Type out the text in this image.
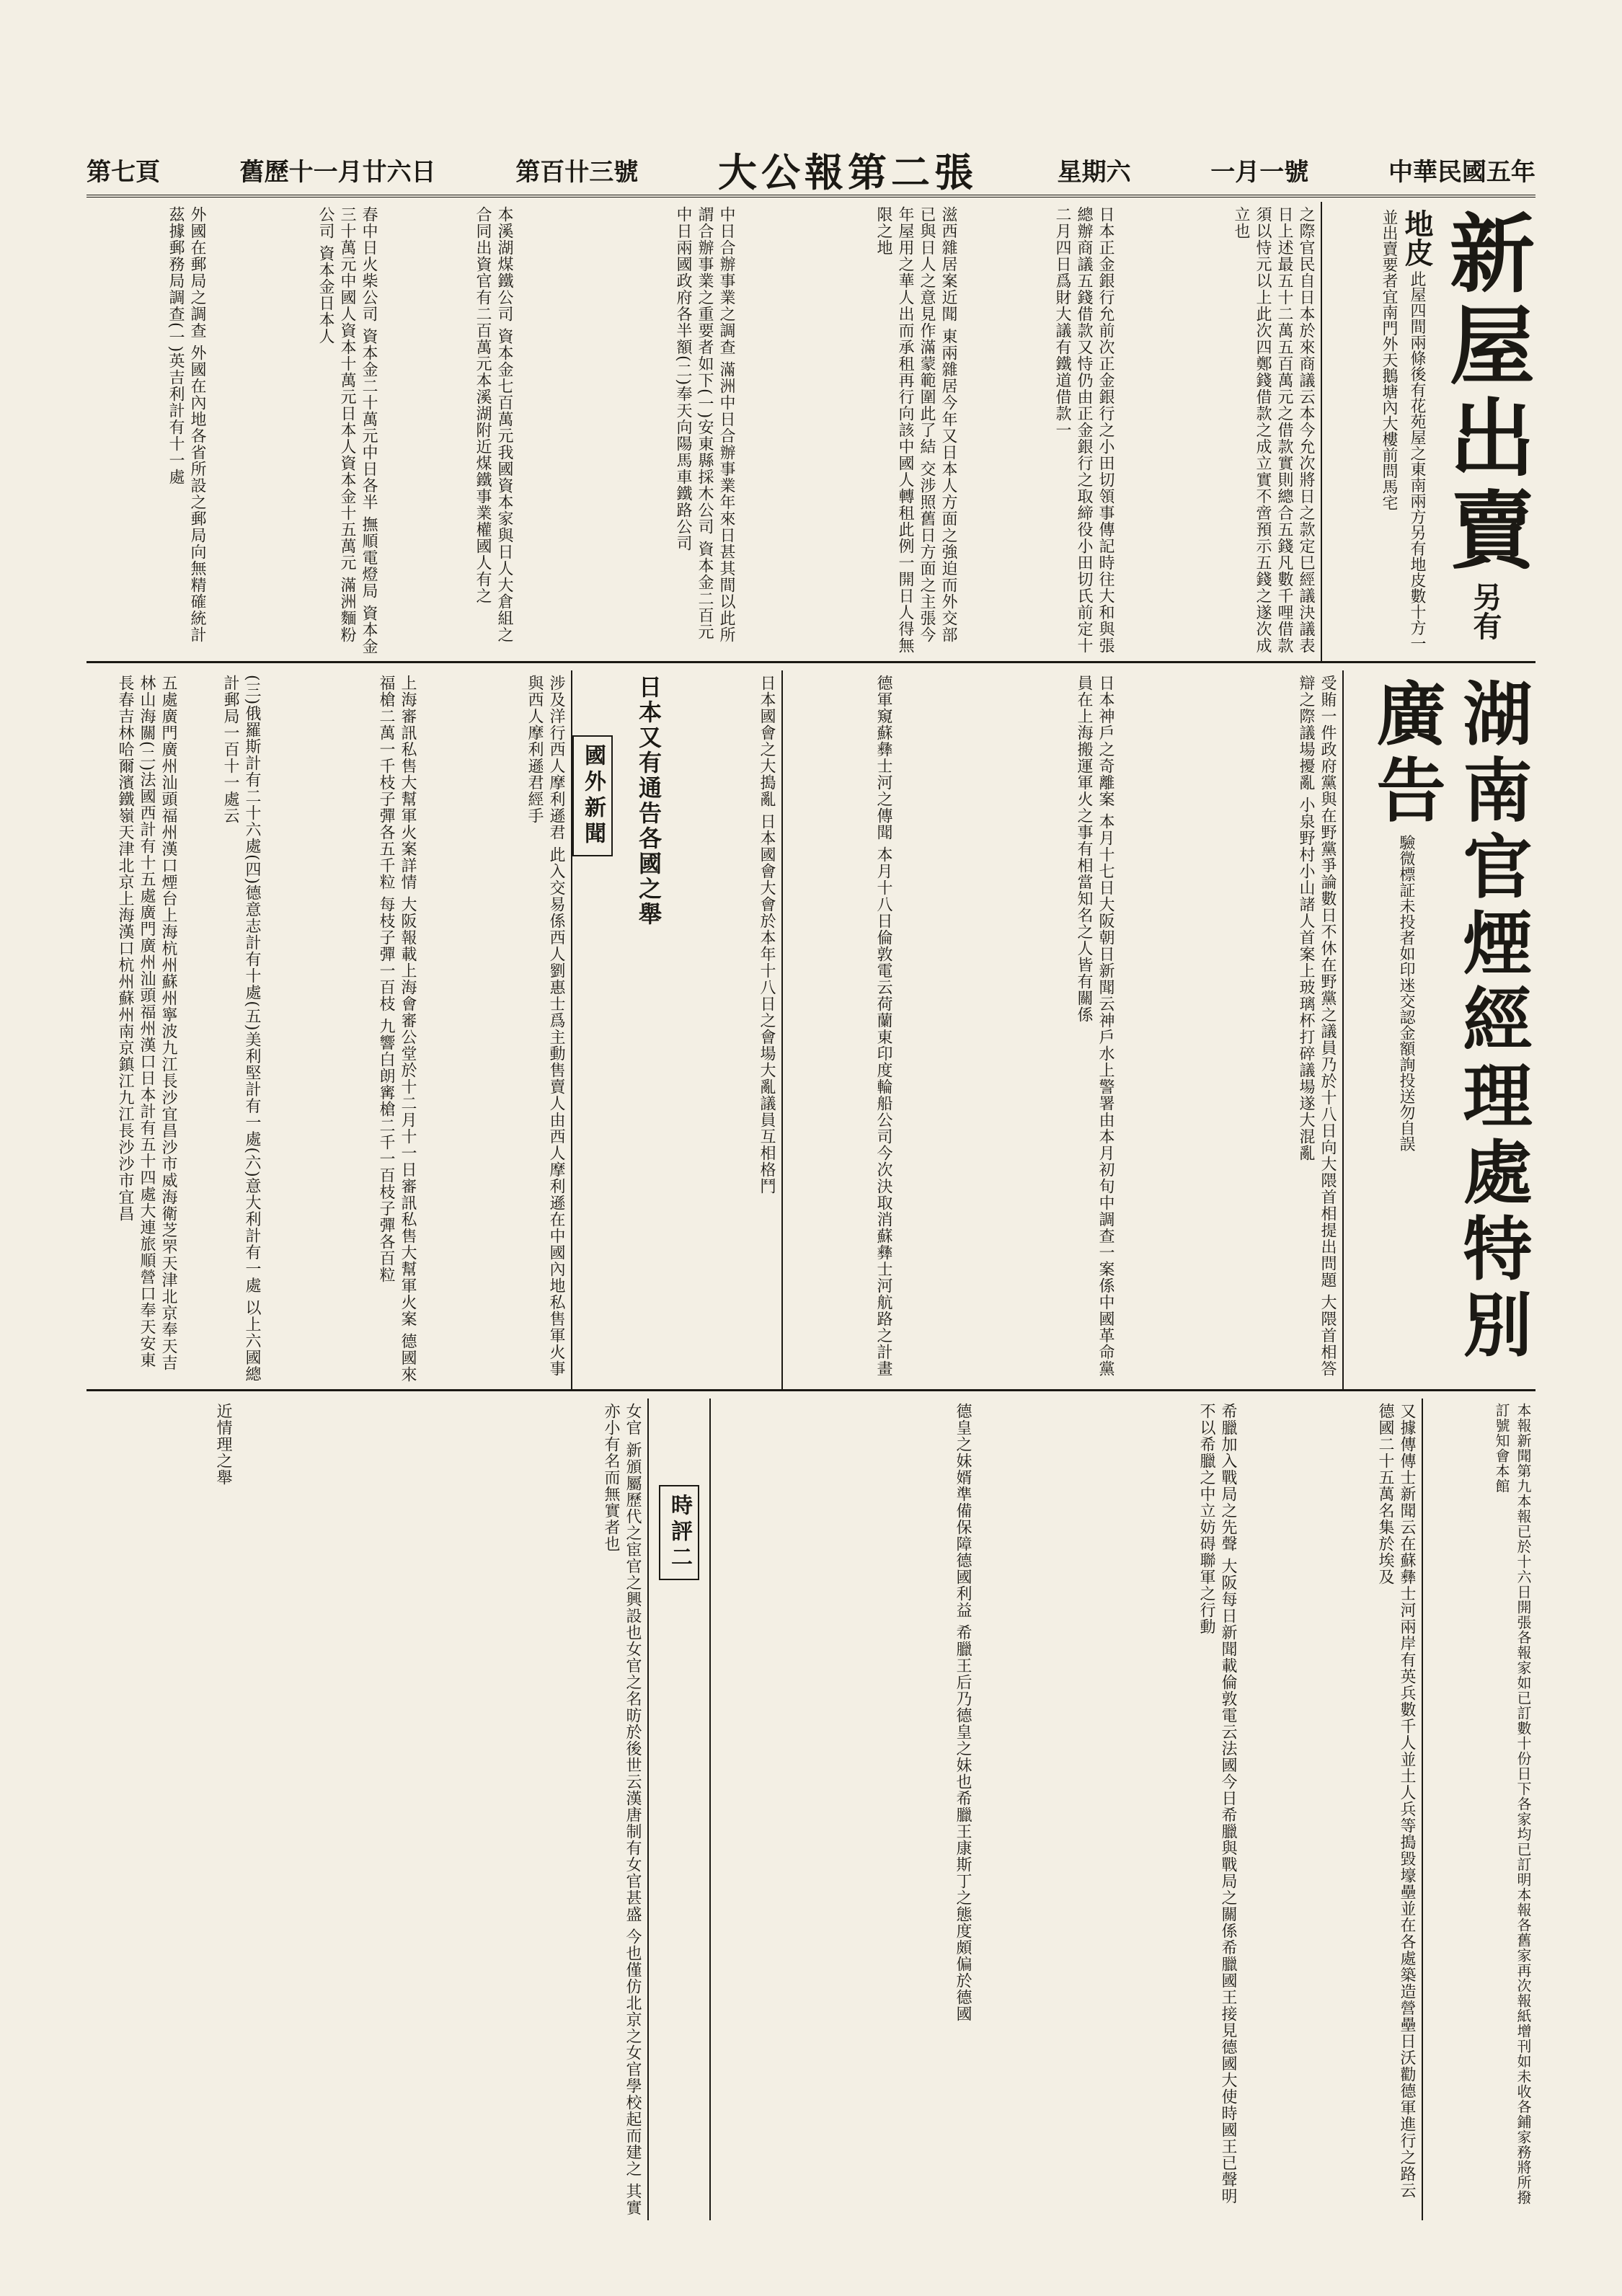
中華民國五年
一月一號
星期六
大公報第二張
第百卄三號
舊歷十一月廿六日
第七頁
新屋出賣 另有地皮 此屋四間兩條後有花苑屋之東南兩方另有地皮數十方一並出賣要者宜南門外天鵝塘內大樓前問馬宅
之際官民自日本於來商議云本今允次將日之款定巳經議決議表日上述最五十二萬五百萬元之借款實則總合五錢凡數千哩借款須以恃元以上此次四鄭錢借款之成立實不啻預示五錢之遂次成立也
日本正金銀行允前次正金銀行之小田切領事傳記時往大和與張總辦商議五錢借款又恃仍由正金銀行之取締役小田切氏前定十二月四日爲財大議有鐵道借款一
滋西雜居案近聞 東兩雜居今年又日本人方面之強迫而外交部已與日人之意見作滿蒙範圍此了結 交涉照舊日方面之主張今年屋用之華人出而承租再行向該中國人轉租此例一開日人得無限之地
中日合辦事業之調查 滿洲中日合辦事業年來日甚其間以此所謂合辦事業之重要者如下(一)安東縣採木公司 資本金二百元中日兩國政府各半額(二)奉天向陽馬車鐵路公司
本溪湖煤鐵公司 資本金七百萬元我國資本家與日人大倉組之合同出資官有二百萬元本溪湖附近煤鐵事業權國人有之
春中日火柴公司 資本金二十萬元中日各半 撫順電燈局 資本金三十萬元中國人資本十萬元日本人資本金十五萬元 滿洲麵粉公司 資本金日本人
外國在郵局之調查 外國在內地各省所設之郵局向無精確統計茲據郵務局調查(一)英吉利計有十一處
湖南官煙經理處特別廣告 驗微標証未投者如印迷交認金額詢投送勿自誤
受賄一件政府黨與在野黨爭論數日不休在野黨之議員乃於十八日向大隈首相提出問題 大隈首相答辯之際議場擾亂 小泉野村小山諸人首案上玻璃杯打碎議場遂大混亂
日本神戶之奇離案 本月十七日大阪朝日新聞云神戶水上警署由本月初旬中調查一案係中國革命黨員在上海搬運軍火之事有相當知名之人皆有關係
德軍窺蘇彝士河之傳聞 本月十八日倫敦電云荷蘭東印度輪船公司今次決取消蘇彝士河航路之計畫
日本國會之大搗亂 日本國會大會於本年十八日之會場大亂議員互相格鬥
日本又有通告各國之舉
國外新聞
涉及洋行西人摩利遜君 此入交易係西人劉惠士爲主動售賣人由西人摩利遜在中國內地私售軍火事與西人摩利遜君經手
上海審訊私售大幫軍火案詳情 大阪報載上海會審公堂於十二月十一日審訊私售大幫軍火案 德國來福槍二萬一千枝子彈各五千粒 每枝子彈一百枝 九響白朗寗槍二千一百枝子彈各百粒
(三)俄羅斯計有二十六處(四)德意志計有十處(五)美利堅計有一處(六)意大利計有一處 以上六國總計郵局一百十一處云
五處廣門廣州汕頭福州漢口煙台上海杭州蘇州寧波九江長沙宜昌沙市威海衛芝罘天津北京奉天吉林山海關(二)法國西計有十五處廣門廣州汕頭福州漢口日本計有五十四處大連旅順營口奉天安東長春吉林哈爾濱鐵嶺天津北京上海漢口杭州蘇州南京鎮江九江長沙沙市宜昌
本報新聞第九本報已於十六日開張各報家如已訂數十份日下各家均已訂明本報各舊家再次報紙增刊如未收各鋪家務將所撥訂號知會本館
又據傳傳士新聞云在蘇彝士河兩岸有英兵數千人並土人兵等搗毀壕壘並在各處築造營壘日沃勸德軍進行之路云 德國二十五萬名集於埃及
希臘加入戰局之先聲 大阪每日新聞載倫敦電云法國今日希臘與戰局之關係希臘國王接見德國大使時國王已聲明不以希臘之中立妨碍聯軍之行動
德皇之妹婿準備保障德國利益 希臘王后乃德皇之妹也希臘王康斯丁之態度頗偏於德國
時評二
女官 新頒屬歷代之宦官之興設也女官之名昉於後世云漢唐制有女官甚盛 今也僅仿北京之女官學校起而建之 其實亦小有名而無實者也
近情理之舉
